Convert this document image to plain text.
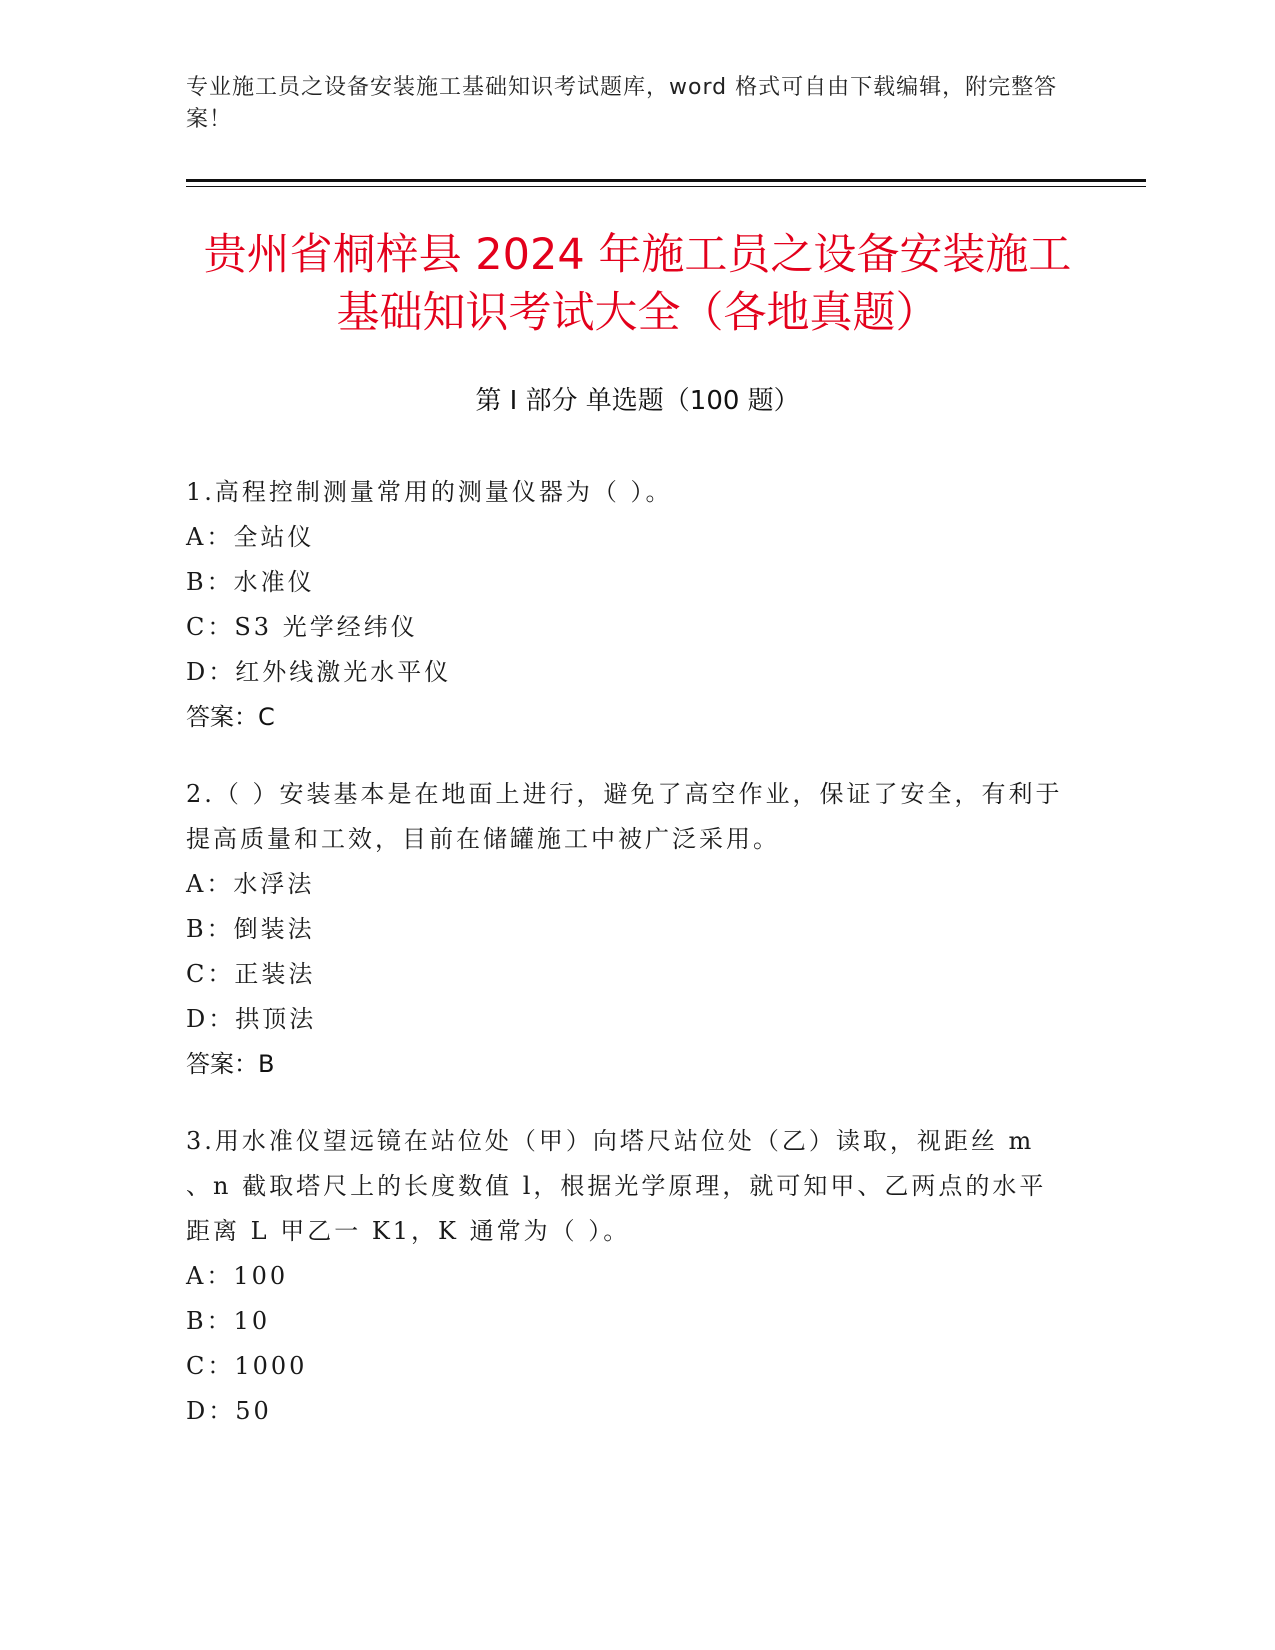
专业施工员之设备安装施工基础知识考试题库，word 格式可自由下载编辑，附完整答案！
贵州省桐梓县 2024 年施工员之设备安装施工
基础知识考试大全（各地真题）
第 I 部分 单选题（100 题）
1.高程控制测量常用的测量仪器为（ ）。
A：全站仪
B：水准仪
C：S3 光学经纬仪
D：红外线激光水平仪
答案：C
2.（ ）安装基本是在地面上进行，避免了高空作业，保证了安全，有利于提高质量和工效，目前在储罐施工中被广泛采用。
A：水浮法
B：倒装法
C：正装法
D：拱顶法
答案：B
3.用水准仪望远镜在站位处（甲）向塔尺站位处（乙）读取，视距丝 m 、n 截取塔尺上的长度数值 l，根据光学原理，就可知甲、乙两点的水平距离 L 甲乙一 K1，K 通常为（ ）。
A：100
B：10
C：1000
D：50
